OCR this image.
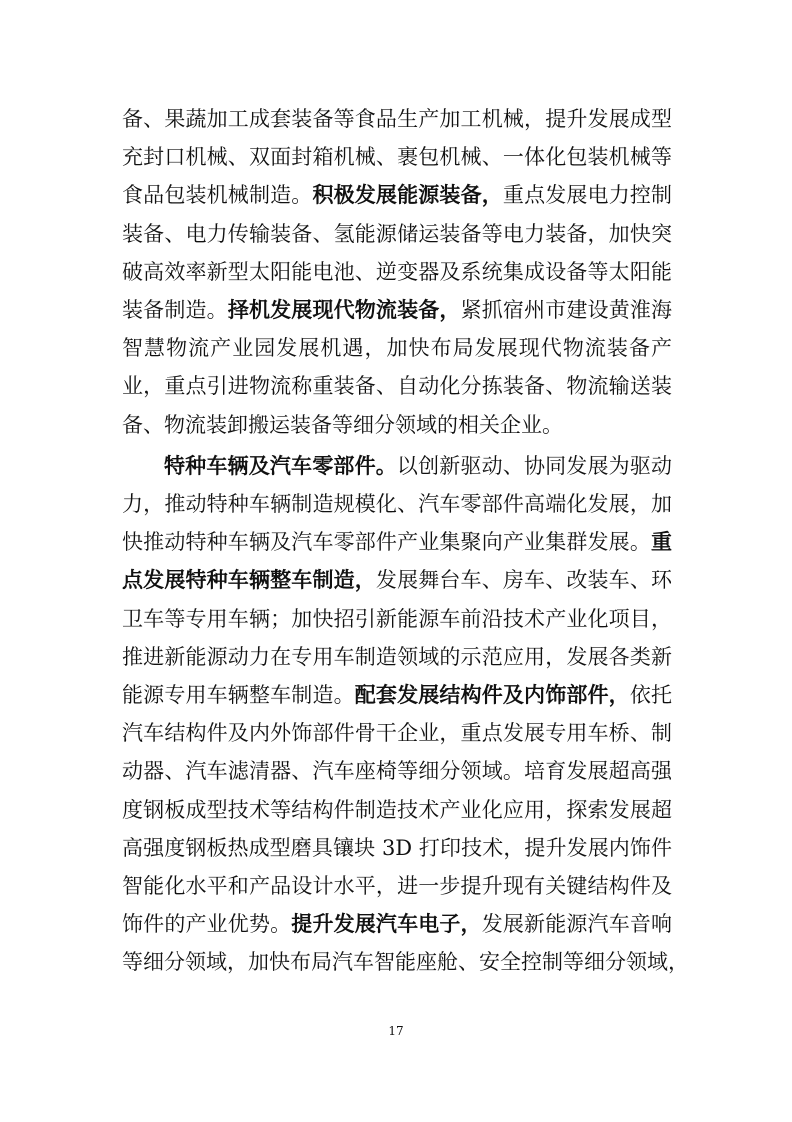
备、果蔬加工成套装备等食品生产加工机械，提升发展成型
充封口机械、双面封箱机械、裹包机械、一体化包装机械等
食品包装机械制造。积极发展能源装备，重点发展电力控制
装备、电力传输装备、氢能源储运装备等电力装备，加快突
破高效率新型太阳能电池、逆变器及系统集成设备等太阳能
装备制造。择机发展现代物流装备，紧抓宿州市建设黄淮海
智慧物流产业园发展机遇，加快布局发展现代物流装备产
业，重点引进物流称重装备、自动化分拣装备、物流输送装
备、物流装卸搬运装备等细分领域的相关企业。
特种车辆及汽车零部件。以创新驱动、协同发展为驱动
力，推动特种车辆制造规模化、汽车零部件高端化发展，加
快推动特种车辆及汽车零部件产业集聚向产业集群发展。重
点发展特种车辆整车制造，发展舞台车、房车、改装车、环
卫车等专用车辆；加快招引新能源车前沿技术产业化项目，
推进新能源动力在专用车制造领域的示范应用，发展各类新
能源专用车辆整车制造。配套发展结构件及内饰部件，依托
汽车结构件及内外饰部件骨干企业，重点发展专用车桥、制
动器、汽车滤清器、汽车座椅等细分领域。培育发展超高强
度钢板成型技术等结构件制造技术产业化应用，探索发展超
高强度钢板热成型磨具镶块 3D 打印技术，提升发展内饰件
智能化水平和产品设计水平，进一步提升现有关键结构件及
饰件的产业优势。提升发展汽车电子，发展新能源汽车音响
等细分领域，加快布局汽车智能座舱、安全控制等细分领域，
17
